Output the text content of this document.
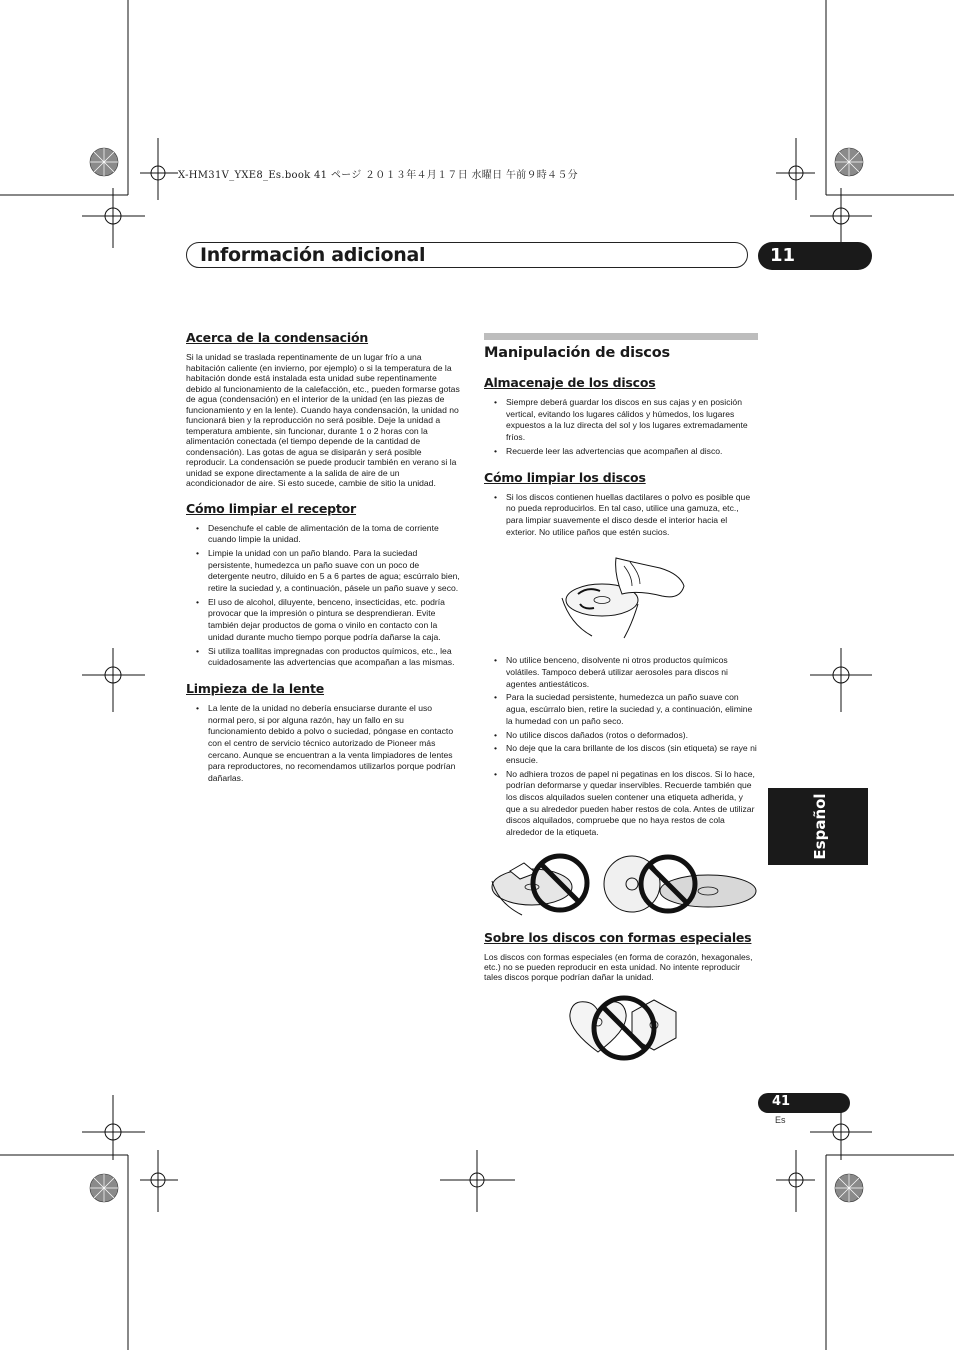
X-HM31V_YXE8_Es.book 41 ページ ２０１３年４月１７日 水曜日 午前９時４５分
Información adicional	11
Acerca de la condensación

Si la unidad se traslada repentinamente de un lugar frío a una habitación caliente (en invierno, por ejemplo) o si la temperatura de la habitación donde está instalada esta unidad sube repentinamente debido al funcionamiento de la calefacción, etc., pueden formarse gotas de agua (condensación) en el interior de la unidad (en las piezas de funcionamiento y en la lente). Cuando haya condensación, la unidad no funcionará bien y la reproducción no será posible. Deje la unidad a temperatura ambiente, sin funcionar, durante 1 o 2 horas con la alimentación conectada (el tiempo depende de la cantidad de condensación). Las gotas de agua se disiparán y será posible reproducir. La condensación se puede producir también en verano si la unidad se expone directamente a la salida de aire de un acondicionador de aire. Si esto sucede, cambie de sitio la unidad.

Cómo limpiar el receptor
• Desenchufe el cable de alimentación de la toma de corriente cuando limpie la unidad.
• Limpie la unidad con un paño blando. Para la suciedad persistente, humedezca un paño suave con un poco de detergente neutro, diluido en 5 a 6 partes de agua; escúrralo bien, retire la suciedad y, a continuación, pásele un paño suave y seco.
• El uso de alcohol, diluyente, benceno, insecticidas, etc. podría provocar que la impresión o pintura se desprendieran. Evite también dejar productos de goma o vinilo en contacto con la unidad durante mucho tiempo porque podría dañarse la caja.
• Si utiliza toallitas impregnadas con productos químicos, etc., lea cuidadosamente las advertencias que acompañan a las mismas.
Limpieza de la lente
• La lente de la unidad no debería ensuciarse durante el uso normal pero, si por alguna razón, hay un fallo en su funcionamiento debido a polvo o suciedad, póngase en contacto con el centro de servicio técnico autorizado de Pioneer más cercano. Aunque se encuentran a la venta limpiadores de lentes para reproductores, no recomendamos utilizarlos porque podrían dañarlas.
Manipulación de discos
Almacenaje de los discos
• Siempre deberá guardar los discos en sus cajas y en posición vertical, evitando los lugares cálidos y húmedos, los lugares expuestos a la luz directa del sol y los lugares extremadamente fríos.
• Recuerde leer las advertencias que acompañen al disco.
Cómo limpiar los discos
• Si los discos contienen huellas dactilares o polvo es posible que no pueda reproducirlos. En tal caso, utilice una gamuza, etc., para limpiar suavemente el disco desde el interior hacia el exterior. No utilice paños que estén sucios.
• No utilice benceno, disolvente ni otros productos químicos volátiles. Tampoco deberá utilizar aerosoles para discos ni agentes antiestáticos.
• Para la suciedad persistente, humedezca un paño suave con agua, escúrralo bien, retire la suciedad y, a continuación, elimine la humedad con un paño seco.
• No utilice discos dañados (rotos o deformados).
• No deje que la cara brillante de los discos (sin etiqueta) se raye ni ensucie.
• No adhiera trozos de papel ni pegatinas en los discos. Si lo hace, podrían deformarse y quedar inservibles. Recuerde también que los discos alquilados suelen contener una etiqueta adherida, y que a su alrededor pueden haber restos de cola. Antes de utilizar discos alquilados, compruebe que no haya restos de cola alrededor de la etiqueta.
Sobre los discos con formas especiales

Los discos con formas especiales (en forma de corazón, hexagonales, etc.) no se pueden reproducir en esta unidad. No intente reproducir tales discos porque podrían dañar la unidad.

Español
41
Es
